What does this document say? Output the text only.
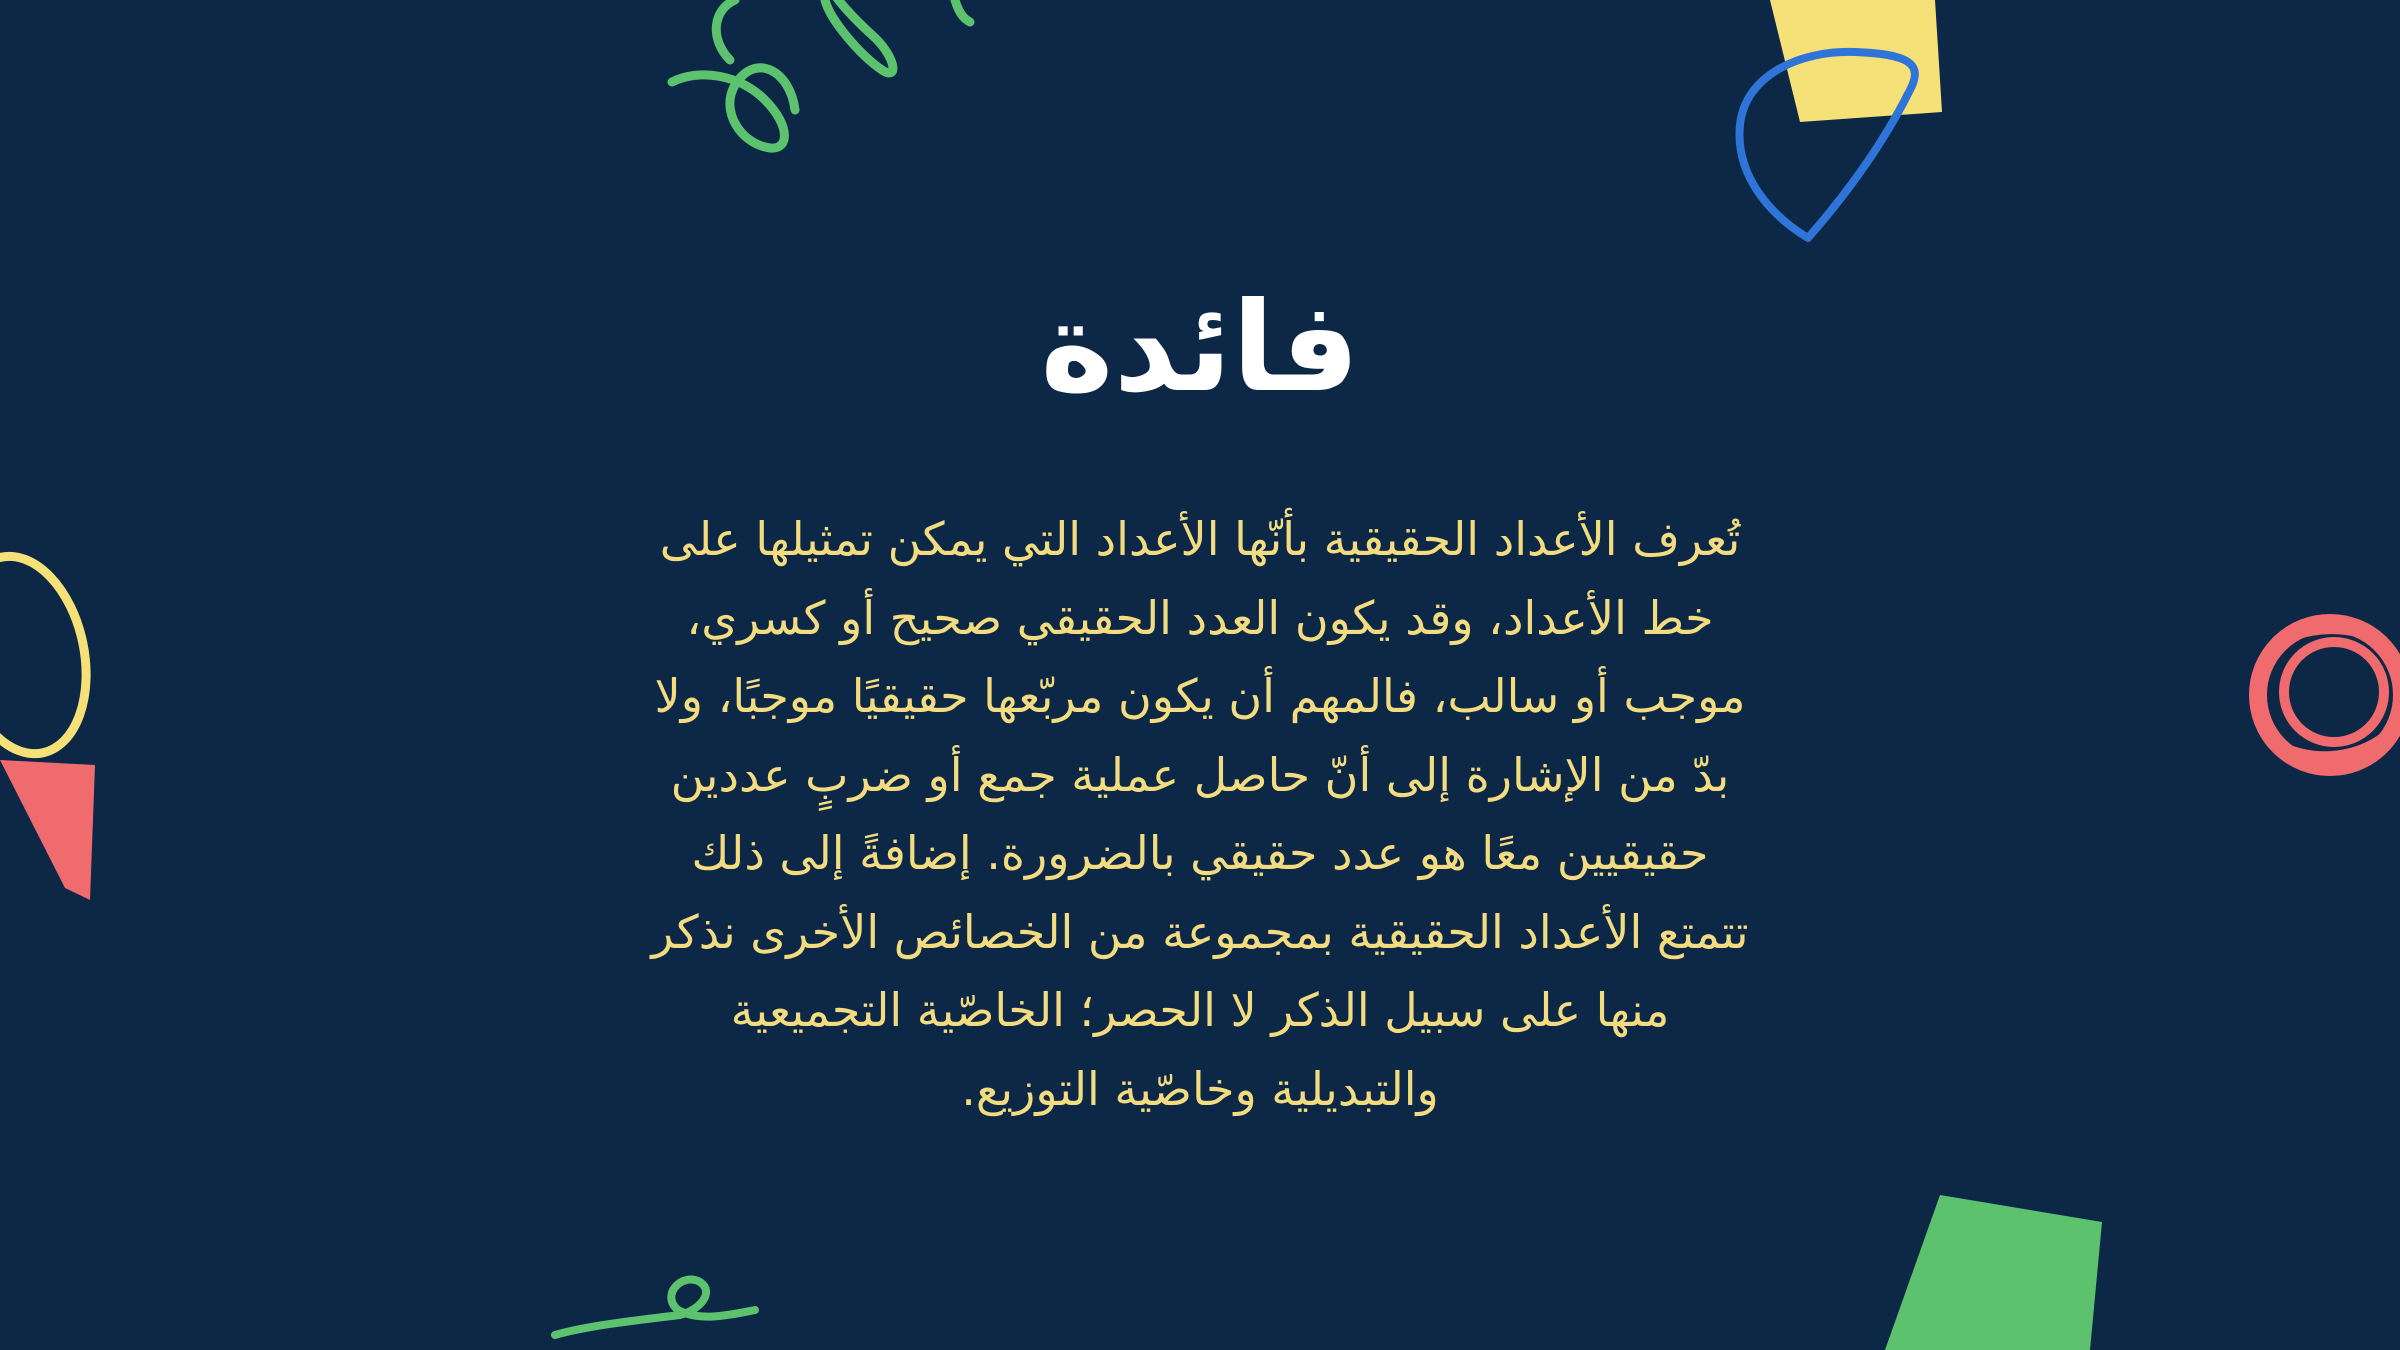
فائدة
تُعرف الأعداد الحقيقية بأنّها الأعداد التي يمكن تمثيلها على
خط الأعداد، وقد يكون العدد الحقيقي صحيح أو كسري،
موجب أو سالب، فالمهم أن يكون مربّعها حقيقيًا موجبًا، ولا
بدّ من الإشارة إلى أنّ حاصل عملية جمع أو ضربٍ عددين
حقيقيين معًا هو عدد حقيقي بالضرورة. إضافةً إلى ذلك
تتمتع الأعداد الحقيقية بمجموعة من الخصائص الأخرى نذكر
منها على سبيل الذكر لا الحصر؛ الخاصّية التجميعية
والتبديلية وخاصّية التوزيع.
